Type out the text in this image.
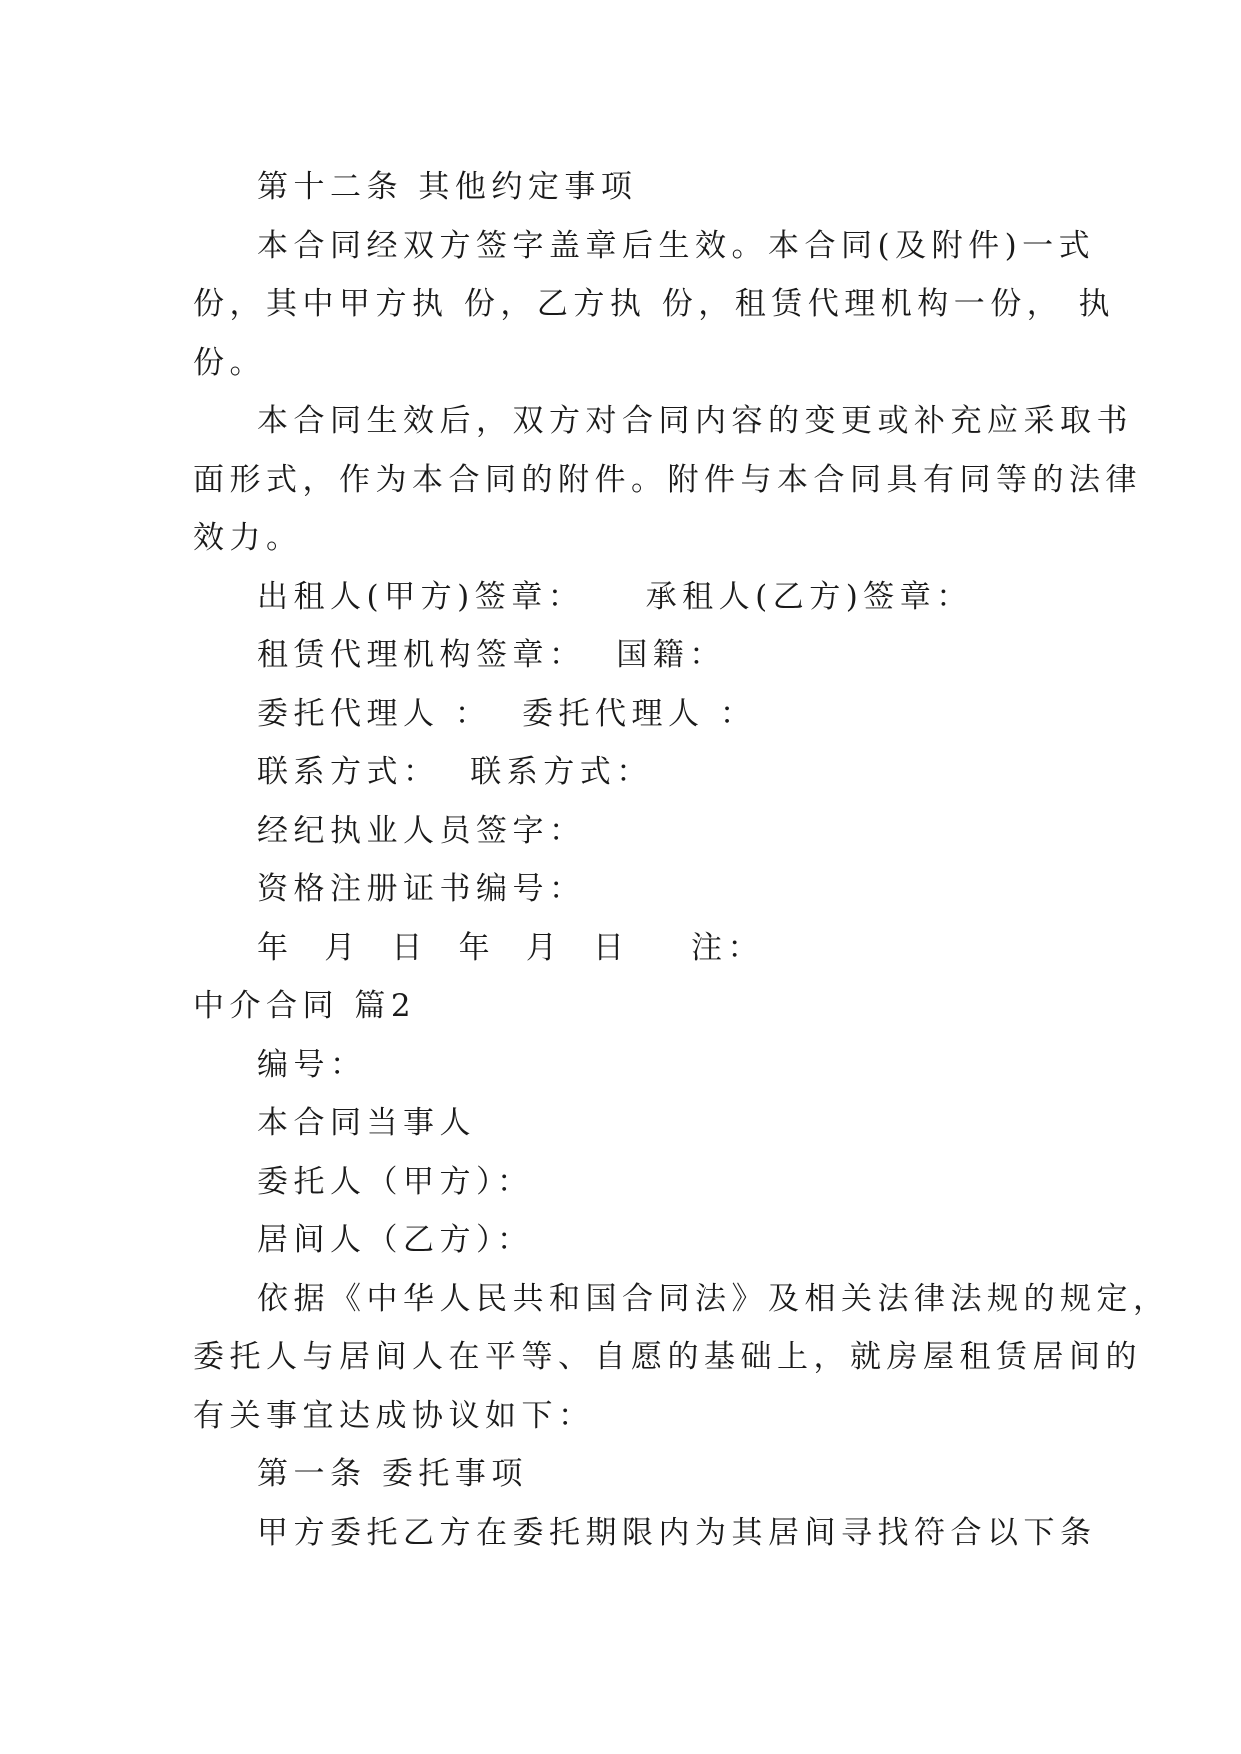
第十二条 其他约定事项
本合同经双方签字盖章后生效。本合同(及附件)一式
份，其中甲方执 份，乙方执 份，租赁代理机构一份， 执
份。
本合同生效后，双方对合同内容的变更或补充应采取书
面形式，作为本合同的附件。附件与本合同具有同等的法律
效力。
出租人(甲方)签章：    承租人(乙方)签章：
租赁代理机构签章：  国籍：
委托代理人 ：  委托代理人 ：
联系方式：  联系方式：
经纪执业人员签字：
资格注册证书编号：
年  月  日  年  月  日    注：
中介合同 篇2
编号：
本合同当事人
委托人（甲方）：
居间人（乙方）：
依据《中华人民共和国合同法》及相关法律法规的规定，
委托人与居间人在平等、自愿的基础上，就房屋租赁居间的
有关事宜达成协议如下：
第一条 委托事项
甲方委托乙方在委托期限内为其居间寻找符合以下条
